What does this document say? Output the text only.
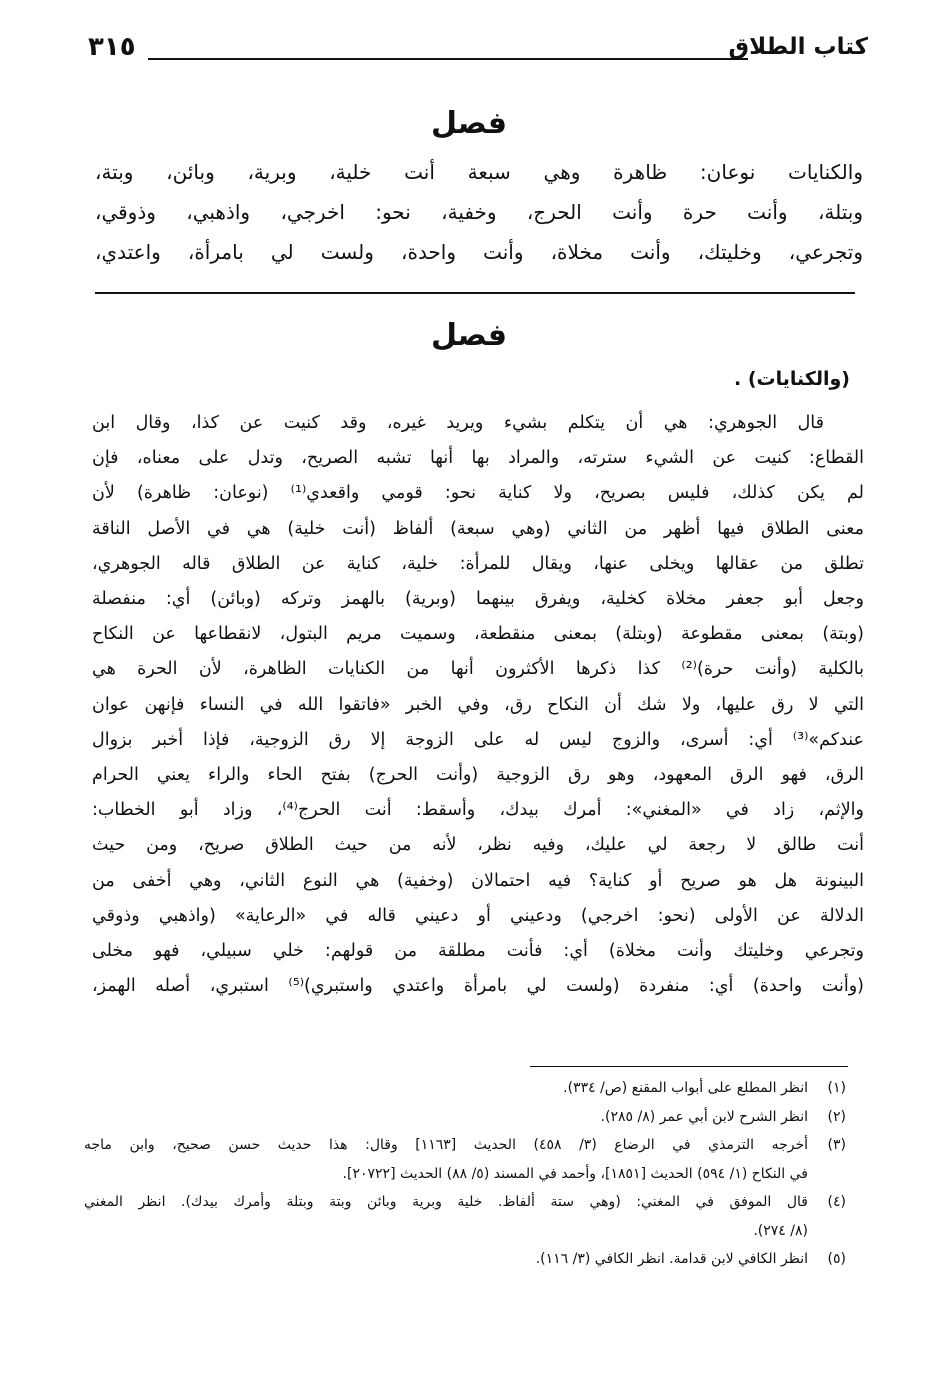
٣١٥	كتاب الطلاق
فصل
والكنايات نوعان: ظاهرة وهي سبعة أنت خلية، وبرية، وبائن، وبتة،
وبتلة، وأنت حرة وأنت الحرج، وخفية، نحو: اخرجي، واذهبي، وذوقي،
وتجرعي، وخليتك، وأنت مخلاة، وأنت واحدة، ولست لي بامرأة، واعتدي،
فصل
(والكنايات) .
قال الجوهري: هي أن يتكلم بشيء ويريد غيره، وقد كنيت عن كذا، وقال ابن
القطاع: كنيت عن الشيء سترته، والمراد بها أنها تشبه الصريح، وتدل على معناه، فإن
لم يكن كذلك، فليس بصريح، ولا كناية نحو: قومي واقعدي⁽¹⁾ (نوعان: ظاهرة) لأن
معنى الطلاق فيها أظهر من الثاني (وهي سبعة) ألفاظ (أنت خلية) هي في الأصل الناقة
تطلق من عقالها ويخلى عنها، ويقال للمرأة: خلية، كناية عن الطلاق قاله الجوهري،
وجعل أبو جعفر مخلاة كخلية، ويفرق بينهما (وبرية) بالهمز وتركه (وبائن) أي: منفصلة
(وبتة) بمعنى مقطوعة (وبتلة) بمعنى منقطعة، وسميت مريم البتول، لانقطاعها عن النكاح
بالكلية (وأنت حرة)⁽²⁾ كذا ذكرها الأكثرون أنها من الكنايات الظاهرة، لأن الحرة هي
التي لا رق عليها، ولا شك أن النكاح رق، وفي الخبر «فاتقوا الله في النساء فإنهن عوان
عندكم»⁽³⁾ أي: أسرى، والزوج ليس له على الزوجة إلا رق الزوجية، فإذا أخبر بزوال
الرق، فهو الرق المعهود، وهو رق الزوجية (وأنت الحرج) بفتح الحاء والراء يعني الحرام
والإثم، زاد في «المغني»: أمرك بيدك، وأسقط: أنت الحرج⁽⁴⁾، وزاد أبو الخطاب:
أنت طالق لا رجعة لي عليك، وفيه نظر، لأنه من حيث الطلاق صريح، ومن حيث
البينونة هل هو صريح أو كناية؟ فيه احتمالان (وخفية) هي النوع الثاني، وهي أخفى من
الدلالة عن الأولى (نحو: اخرجي) ودعيني أو دعيني قاله في «الرعاية» (واذهبي وذوقي
وتجرعي وخليتك وأنت مخلاة) أي: فأنت مطلقة من قولهم: خلي سبيلي، فهو مخلى
(وأنت واحدة) أي: منفردة (ولست لي بامرأة واعتدي واستبري)⁽⁵⁾ استبري، أصله الهمز،
(١)
انظر المطلع على أبواب المقنع (ص/ ٣٣٤).
(٢)
انظر الشرح لابن أبي عمر (٨/ ٢٨٥).
(٣)
أخرجه الترمذي في الرضاع (٣/ ٤٥٨) الحديث [١١٦٣] وقال: هذا حديث حسن صحيح، وابن ماجه
في النكاح (١/ ٥٩٤) الحديث [١٨٥١]، وأحمد في المسند (٥/ ٨٨) الحديث [٢٠٧٢٢].
(٤)
قال الموفق في المغني: (وهي ستة ألفاظ. خلية وبرية وبائن وبتة وبتلة وأمرك بيدك). انظر المغني
(٨/ ٢٧٤).
(٥)
انظر الكافي لابن قدامة. انظر الكافي (٣/ ١١٦).
